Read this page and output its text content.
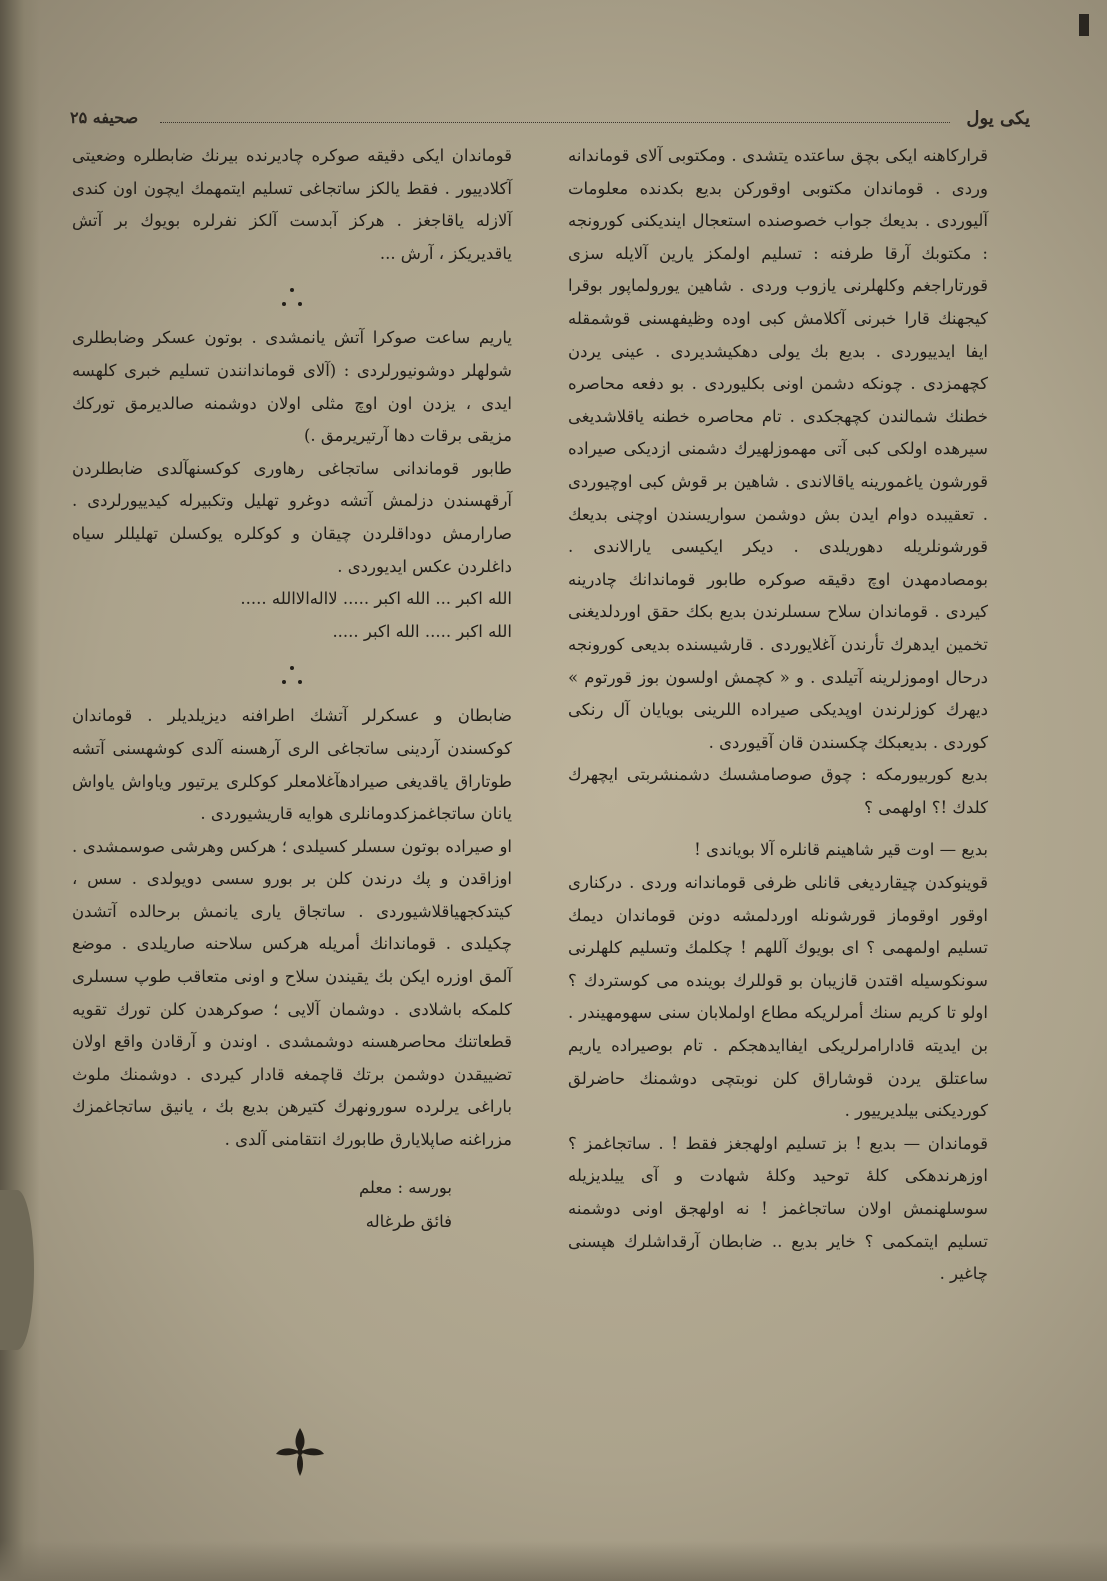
یکی یول
صحیفه ۲۵

قرارکاهنه ایکی بچق ساعتده یتشدی . ومکتوبی آلای قوماندانه وردی . قوماندان مکتوبی اوقورکن بدیع بکدنده معلومات آلیوردی . بدیعك جواب خصوصنده استعجال ایندیکنی کورونجه : مکتوبك آرقا طرفنه : تسلیم اولمکز یارین آلایله سزی قورتاراجغم وکلهلرنی یازوب وردی . شاهین یورولماپور بوقرا کیجهنك قارا خبرنی آکلامش کبی اوده وظیفهسنی قوشمقله ایفا ایدییوردی . بدیع بك یولی دهکیشدیردی . عینی یردن کچهمزدی . چونکه دشمن اونی بکلیوردی . بو دفعه محاصره خطنك شمالندن کچهجکدی . تام محاصره خطنه یاقلاشدیغی سیرهده اولکی کبی آتی مهموزلهیرك دشمنی ازدیکی صیراده قورشون یاغمورینه یاقالاندی . شاهین بر قوش کبی اوچیوردی . تعقیبده دوام ایدن بش دوشمن سواریسندن اوچنی بدیعك قورشونلریله دهوریلدی . دیکر ایکیسی یارالاندی . بومصادمهدن اوچ دقیقه صوکره طابور قوماندانك چادرینه کیردی . قوماندان سلاح سسلرندن بدیع بکك حقق اوردلدیغنی تخمین ایدهرك تأرندن آغلایوردی . قارشیسنده بدیعی کورونجه درحال اوموزلرینه آتیلدی . و « کچمش اولسون بوز قورتوم » دیهرك کوزلرندن اوپدیکی صیراده اللرینی بویایان آل رنکی کوردی . بدیعبکك چکسندن قان آقیوردی .

بدیع کوربیورمکه : چوق صوصامشسك دشمنشربتی ایچهرك کلدك !؟ اولهمی ؟

بدیع — اوت قیر شاهینم قانلره آلا بویاندی !

قوینوکدن چیقاردیغی قانلی ظرفی قوماندانه وردی . درکناری اوقور اوقوماز قورشونله اوردلمشه دونن قوماندان دیمك تسلیم اولمهمی ؟ ای بویوك آللهم ! چکلمك وتسلیم کلهلرنی سونکوسیله اقتدن قازیبان بو قوللرك بوینده می کوستردك ؟ اولو تا کریم سنك أمرلریکه مطاع اولملابان سنی سهومهیندر . بن ایدیته قادارامرلریکی ایفاایدهجکم . تام بوصیراده یاریم ساعتلق یردن قوشاراق کلن نوبتچی دوشمنك حاضرلق کوردیکنی بیلدیرییور .

قوماندان — بدیع ! بز تسلیم اولهجغز فقط ! . ساتجاغمز ؟ اوزهرندهکی کلهٔ توحید وکلهٔ شهادت و آی ییلدیزیله سوسلهنمش اولان ساتجاغمز ! نه اولهجق اونی دوشمنه تسلیم ایتمکمی ؟ خایر بدیع .. ضابطان آرقداشلرك هپسنی چاغیر .

قوماندان ایکی دقیقه صوکره چادیرنده بیرنك ضابطلره وضعیتی آکلادییور . فقط یالکز ساتجاغی تسلیم ایتمهمك ایچون اون کندی آلازله یاقاجغز . هرکز آبدست آلکز نفرلره بویوك بر آتش یاقدیریکز ، آرش ...

یاریم ساعت صوکرا آتش یانمشدی . بوتون عسکر وضابطلری شولهلر دوشونیورلردی : (آلای قوماندانندن تسلیم خبری کلهسه ایدی ، یزدن اون اوچ مثلی اولان دوشمنه صالدیرمق تورکك مزیقی برقات دها آرتیریرمق .)

طابور قوماندانی ساتجاغی رهاوری کوکسنهآلدی ضابطلردن آرقهسندن دزلمش آتشه دوغرو تهلیل وتکبیرله کیدییورلردی . صارارمش دوداقلردن چیقان و کوکلره یوکسلن تهلیللر سیاه داغلردن عکس ایدیوردی .

الله اکبر ... الله اکبر ..... لااله‌الاالله .....

الله اکبر ..... الله اکبر .....

ضابطان و عسکرلر آتشك اطرافنه دیزیلدیلر . قوماندان کوکسندن آردینی ساتجاغی الری آرهسنه آلدی کوشهسنی آتشه طوتاراق یاقدیغی صیرادهآغلامعلر کوکلری یرتیور ویاواش یاواش یانان ساتجاغمزكدومانلری هوایه قاریشیوردی .

او صیراده بوتون سسلر کسیلدی ؛ هرکس وهرشی صوسمشدی . اوزاقدن و پك درندن کلن بر بورو سسی دویولدی . سس ، کیتدکجهیاقلاشیوردی . ساتجاق یاری یانمش برحالده آتشدن چکیلدی . قوماندانك أمریله هرکس سلاحنه صاریلدی . موضع آلمق اوزره ایکن بك یقیندن سلاح و اونی متعاقب طوپ سسلری کلمکه باشلادی . دوشمان آلایی ؛ صوکرهدن کلن تورك تقویه قطعاتنك محاصرهسنه دوشمشدی . اوندن و آرقادن واقع اولان تضییقدن دوشمن برتك قاچمغه قادار کیردی . دوشمنك ملوث باراغی یرلرده سورونهرك کتیرهن بدیع بك ، یانیق ساتجاغمزك مزراغنه صاپلایارق طابورك انتقامنی آلدی .

بورسه : معلم
فائق طرغاله
